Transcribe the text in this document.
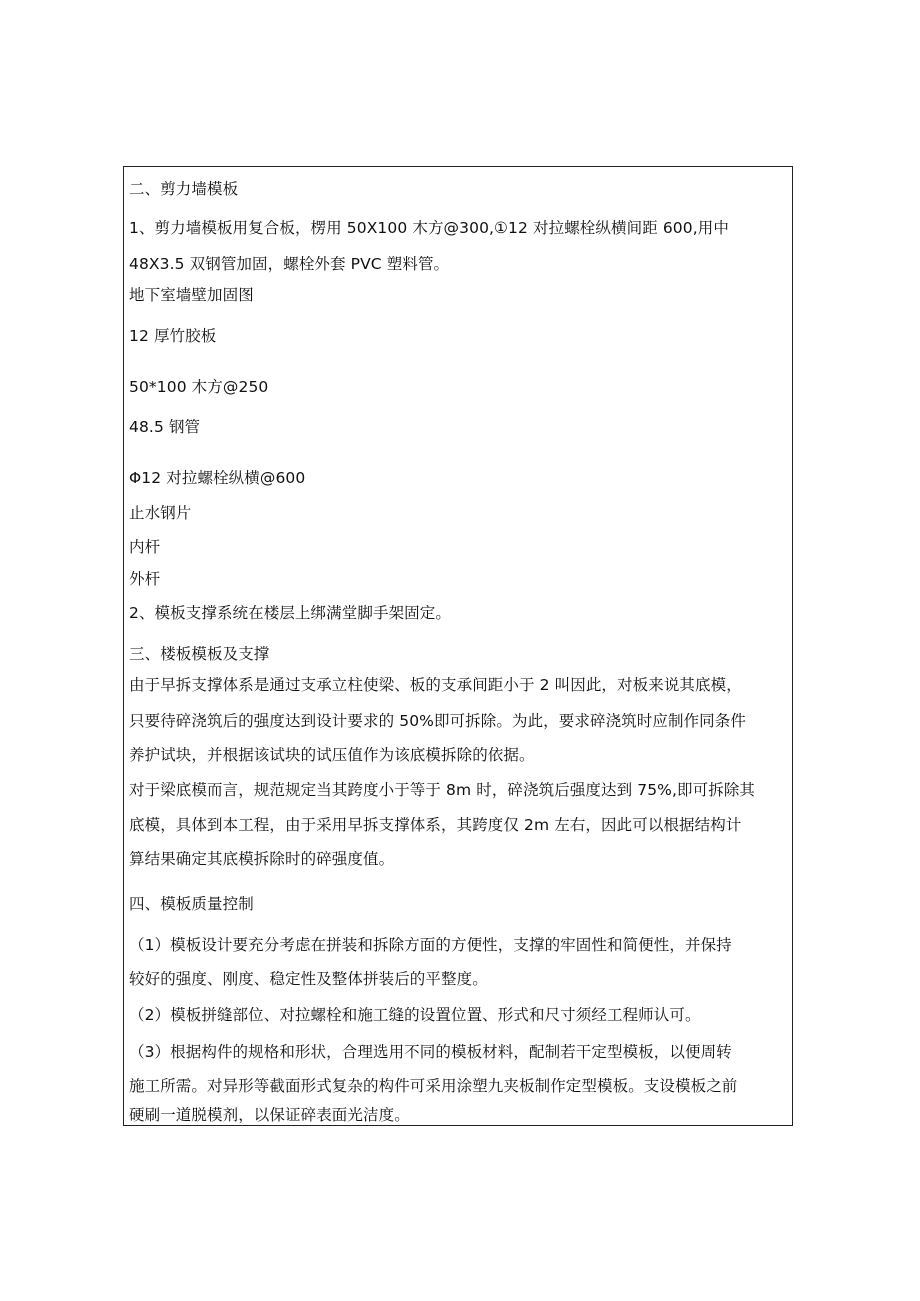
二、剪力墙模板
1、剪力墙模板用复合板，楞用 50X100 木方@300,①12 对拉螺栓纵横间距 600,用中
48X3.5 双钢管加固，螺栓外套 PVC 塑料管。
地下室墙壁加固图
12 厚竹胶板
50*100 木方@250
48.5 钢管
Φ12 对拉螺栓纵横@600
止水钢片
内杆
外杆
2、模板支撑系统在楼层上绑满堂脚手架固定。
三、楼板模板及支撑
由于早拆支撑体系是通过支承立柱使梁、板的支承间距小于 2 叫因此，对板来说其底模，
只要待碎浇筑后的强度达到设计要求的 50%即可拆除。为此，要求碎浇筑时应制作同条件
养护试块，并根据该试块的试压值作为该底模拆除的依据。
对于梁底模而言，规范规定当其跨度小于等于 8m 时，碎浇筑后强度达到 75%,即可拆除其
底模，具体到本工程，由于采用早拆支撑体系，其跨度仅 2m 左右，因此可以根据结构计
算结果确定其底模拆除时的碎强度值。
四、模板质量控制
（1）模板设计要充分考虑在拼装和拆除方面的方便性，支撑的牢固性和简便性，并保持
较好的强度、刚度、稳定性及整体拼装后的平整度。
（2）模板拼缝部位、对拉螺栓和施工缝的设置位置、形式和尺寸须经工程师认可。
（3）根据构件的规格和形状，合理选用不同的模板材料，配制若干定型模板，以便周转
施工所需。对异形等截面形式复杂的构件可采用涂塑九夹板制作定型模板。支设模板之前
硬刷一道脱模剂，以保证碎表面光洁度。
